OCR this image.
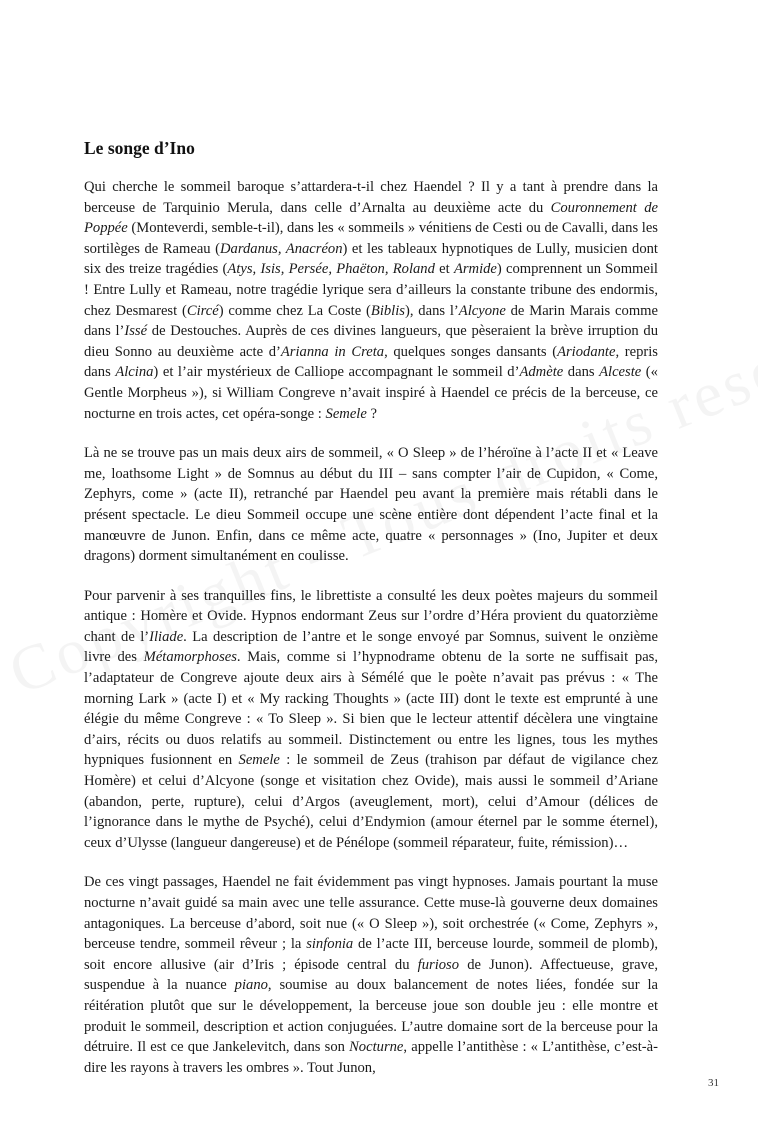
Le songe d’Ino

Qui cherche le sommeil baroque s’attardera-t-il chez Haendel ? Il y a tant à prendre dans la berceuse de Tarquinio Merula, dans celle d’Arnalta au deuxième acte du Couronnement de Poppée (Monteverdi, semble-t-il), dans les « sommeils » vénitiens de Cesti ou de Cavalli, dans les sortilèges de Rameau (Dardanus, Anacréon) et les tableaux hypnotiques de Lully, musicien dont six des treize tragédies (Atys, Isis, Persée, Phaëton, Roland et Armide) comprennent un Sommeil ! Entre Lully et Rameau, notre tragédie lyrique sera d’ailleurs la constante tribune des endormis, chez Desmarest (Circé) comme chez La Coste (Biblis), dans l’Alcyone de Marin Marais comme dans l’Issé de Destouches. Auprès de ces divines langueurs, que pèseraient la brève irruption du dieu Sonno au deuxième acte d’Arianna in Creta, quelques songes dansants (Ariodante, repris dans Alcina) et l’air mystérieux de Calliope accompagnant le sommeil d’Admète dans Alceste (« Gentle Morpheus »), si William Congreve n’avait inspiré à Haendel ce précis de la berceuse, ce nocturne en trois actes, cet opéra-songe : Semele ?

Là ne se trouve pas un mais deux airs de sommeil, « O Sleep » de l’héroïne à l’acte II et « Leave me, loathsome Light » de Somnus au début du III – sans compter l’air de Cupidon, « Come, Zephyrs, come » (acte II), retranché par Haendel peu avant la première mais rétabli dans le présent spectacle. Le dieu Sommeil occupe une scène entière dont dépendent l’acte final et la manœuvre de Junon. Enfin, dans ce même acte, quatre « personnages » (Ino, Jupiter et deux dragons) dorment simultanément en coulisse.

Pour parvenir à ses tranquilles fins, le librettiste a consulté les deux poètes majeurs du sommeil antique : Homère et Ovide. Hypnos endormant Zeus sur l’ordre d’Héra provient du quatorzième chant de l’Iliade. La description de l’antre et le songe envoyé par Somnus, suivent le onzième livre des Métamorphoses. Mais, comme si l’hypnodrame obtenu de la sorte ne suffisait pas, l’adaptateur de Congreve ajoute deux airs à Sémélé que le poète n’avait pas prévus : « The morning Lark » (acte I) et « My racking Thoughts » (acte III) dont le texte est emprunté à une élégie du même Congreve : « To Sleep ». Si bien que le lecteur attentif décèlera une vingtaine d’airs, récits ou duos relatifs au sommeil. Distinctement ou entre les lignes, tous les mythes hypniques fusionnent en Semele : le sommeil de Zeus (trahison par défaut de vigilance chez Homère) et celui d’Alcyone (songe et visitation chez Ovide), mais aussi le sommeil d’Ariane (abandon, perte, rupture), celui d’Argos (aveuglement, mort), celui d’Amour (délices de l’ignorance dans le mythe de Psyché), celui d’Endymion (amour éternel par le somme éternel), ceux d’Ulysse (langueur dangereuse) et de Pénélope (sommeil réparateur, fuite, rémission)…

De ces vingt passages, Haendel ne fait évidemment pas vingt hypnoses. Jamais pourtant la muse nocturne n’avait guidé sa main avec une telle assurance. Cette muse-là gouverne deux domaines antagoniques. La berceuse d’abord, soit nue (« O Sleep »), soit orchestrée (« Come, Zephyrs », berceuse tendre, sommeil rêveur ; la sinfonia de l’acte III, berceuse lourde, sommeil de plomb), soit encore allusive (air d’Iris ; épisode central du furioso de Junon). Affectueuse, grave, suspendue à la nuance piano, soumise au doux balancement de notes liées, fondée sur la réitération plutôt que sur le développement, la berceuse joue son double jeu : elle montre et produit le sommeil, description et action conjuguées. L’autre domaine sort de la berceuse pour la détruire. Il est ce que Jankelevitch, dans son Nocturne, appelle l’antithèse : « L’antithèse, c’est-à-dire les rayons à travers les ombres ». Tout Junon,

31
